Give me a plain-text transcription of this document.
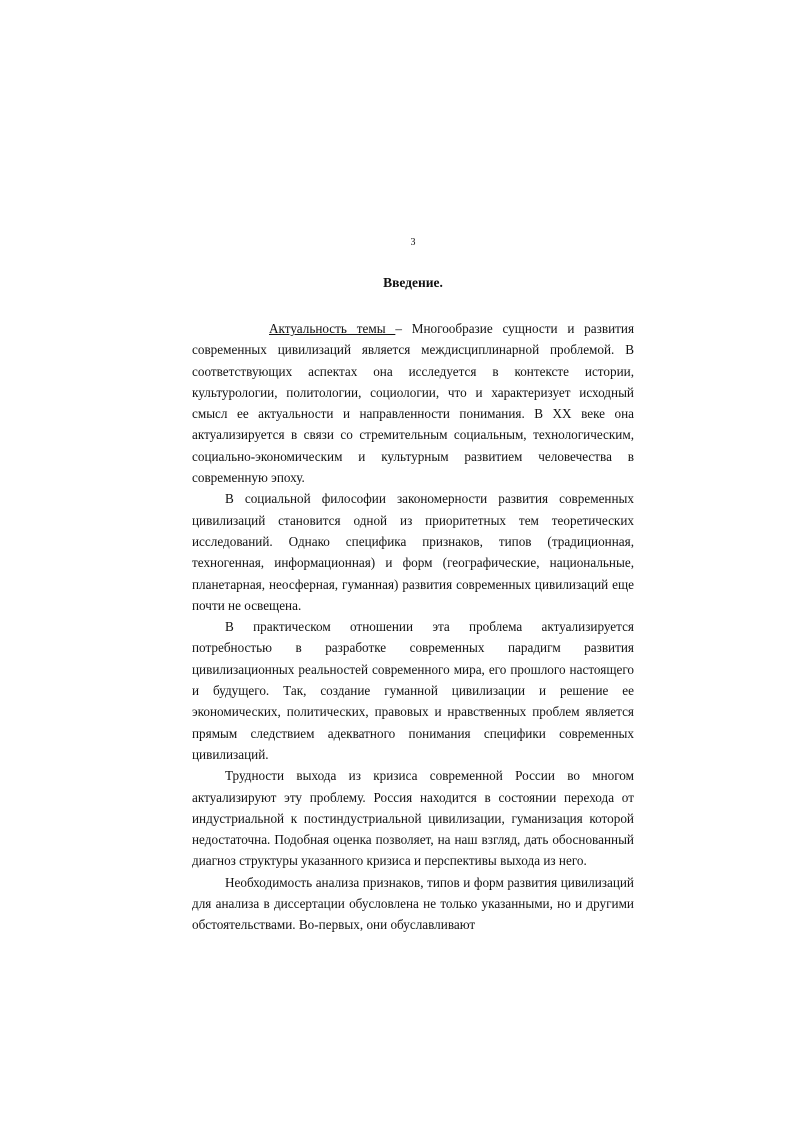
3
Введение.

Актуальность темы – Многообразие сущности и развития современных цивилизаций является междисциплинарной проблемой. В соответствующих аспектах она исследуется в контексте истории, культурологии, политологии, социологии, что и характеризует исходный смысл ее актуальности и направленности понимания. В XX веке она актуализируется в связи со стремительным социальным, технологическим, социально-экономическим и культурным развитием человечества в современную эпоху.

В социальной философии закономерности развития современных цивилизаций становится одной из приоритетных тем теоретических исследований. Однако специфика признаков, типов (традиционная, техногенная, информационная) и форм (географические, национальные, планетарная, неосферная, гуманная) развития современных цивилизаций еще почти не освещена.

В практическом отношении эта проблема актуализируется потребностью в разработке современных парадигм развития цивилизационных реальностей современного мира, его прошлого настоящего и будущего. Так, создание гуманной цивилизации и решение ее экономических, политических, правовых и нравственных проблем является прямым следствием адекватного понимания специфики современных цивилизаций.

Трудности выхода из кризиса современной России во многом актуализируют эту проблему. Россия находится в состоянии перехода от индустриальной к постиндустриальной цивилизации, гуманизация которой недостаточна. Подобная оценка позволяет, на наш взгляд, дать обоснованный диагноз структуры указанного кризиса и перспективы выхода из него.

Необходимость анализа признаков, типов и форм развития цивилизаций для анализа в диссертации обусловлена не только указанными, но и другими обстоятельствами. Во-первых, они обуславливают
